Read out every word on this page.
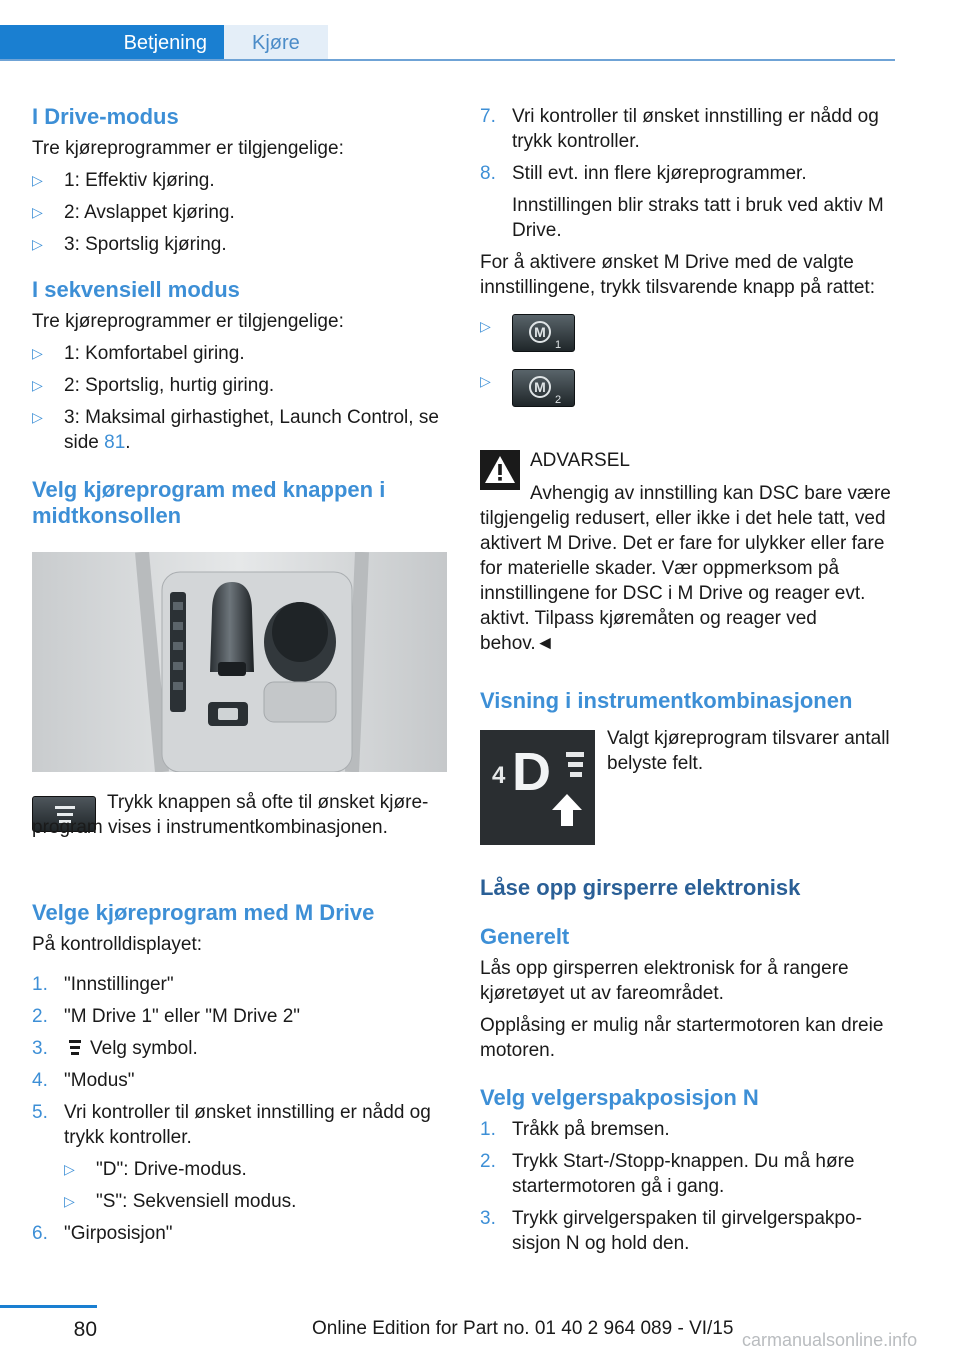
Betjening	Kjøre
I Drive-modus

Tre kjøreprogrammer er tilgjengelige:

▷	1: Effektiv kjøring.
▷	2: Avslappet kjøring.
▷	3: Sportslig kjøring.
I sekvensiell modus

Tre kjøreprogrammer er tilgjengelige:

▷	1: Komfortabel giring.
▷	2: Sportslig, hurtig giring.
▷	3: Maksimal girhastighet, Launch Control, se side 81.
Velg kjøreprogram med knappen i midtkonsollen

Trykk knappen så ofte til ønsket kjøreprogram vises i instrumentkombinasjonen.

Velge kjøreprogram med M Drive

På kontrolldisplayet:

1. "Innstillinger"
2. "M Drive 1" eller "M Drive 2"
3.	Velg symbol.
4. "Modus"
5. Vri kontroller til ønsket innstilling er nådd og trykk kontroller.
▷	"D": Drive-modus.
▷	"S": Sekvensiell modus.
6. "Girposisjon"
7. Vri kontroller til ønsket innstilling er nådd og trykk kontroller.
8. Still evt. inn flere kjøreprogrammer.

Innstillingen blir straks tatt i bruk ved aktiv M Drive.

For å aktivere ønsket M Drive med de valgte innstillingene, trykk tilsvarende knapp på rattet:

▷	M
1
▷	M
2

ADVARSEL

Avhengig av innstilling kan DSC bare være tilgjengelig redusert, eller ikke i det hele tatt, ved aktivert M Drive. Det er fare for ulykker eller fare for materielle skader. Vær oppmerksom på innstillingene for DSC i M Drive og reager evt. aktivt. Tilpass kjøremåten og reager ved behov.◄

Visning i instrumentkombinasjonen
4 D

Valgt kjøreprogram tilsvarer antall belyste felt.

Låse opp girsperre elektronisk
Generelt

Lås opp girsperren elektronisk for å rangere kjøretøyet ut av fareområdet.

Opplåsing er mulig når startermotoren kan dreie motoren.

Velg velgerspakposisjon N
1. Tråkk på bremsen.
2. Trykk Start-/Stopp-knappen. Du må høre startermotoren gå i gang.
3. Trykk girvelgerspaken til girvelgerspakposisjon N og hold den.
80	Online Edition for Part no. 01 40 2 964 089 - VI/15
carmanualsonline.info
